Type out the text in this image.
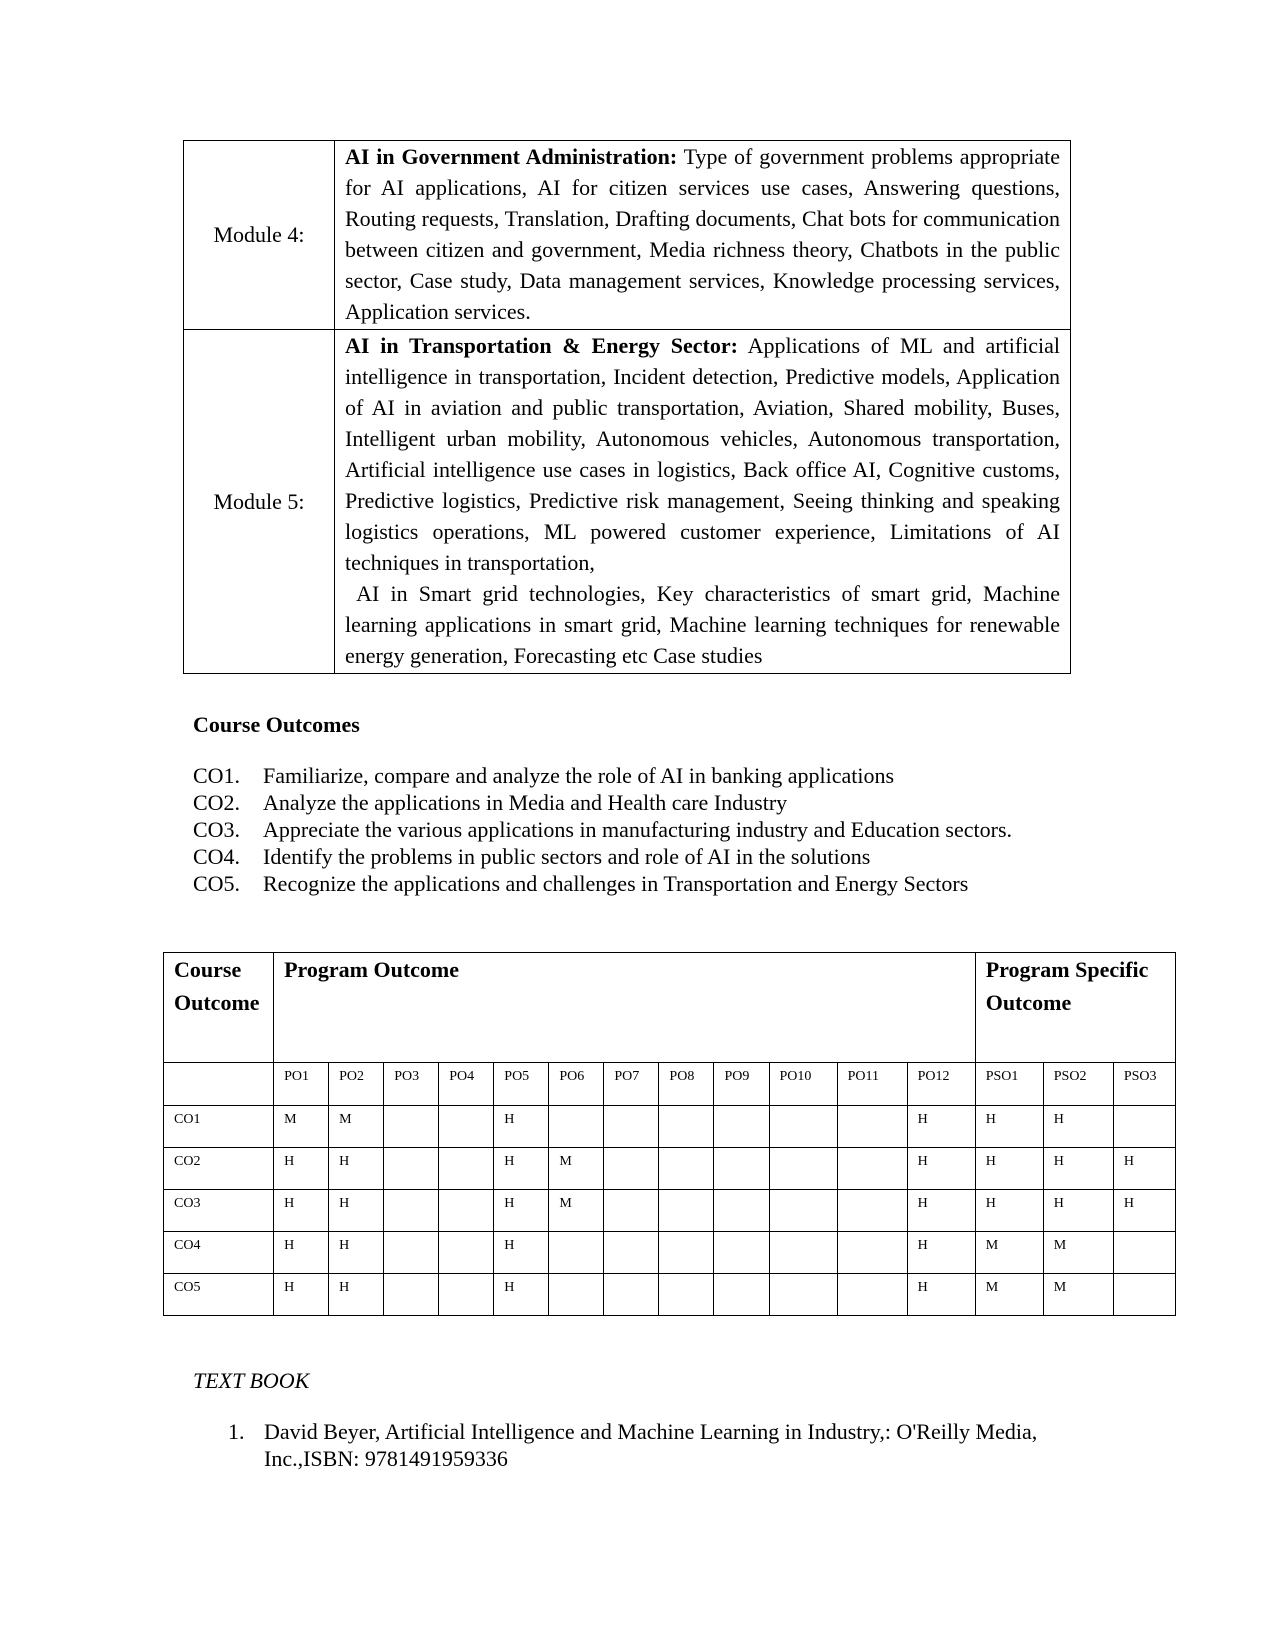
Module 4:	AI in Government Administration: Type of government problems appropriate for AI applications, AI for citizen services use cases, Answering questions, Routing requests, Translation, Drafting documents, Chat bots for communication between citizen and government, Media richness theory, Chatbots in the public sector, Case study, Data management services, Knowledge processing services, Application services.

Module 5:	AI in Transportation & Energy Sector: Applications of ML and artificial intelligence in transportation, Incident detection, Predictive models, Application of AI in aviation and public transportation, Aviation, Shared mobility, Buses, Intelligent urban mobility, Autonomous vehicles, Autonomous transportation, Artificial intelligence use cases in logistics, Back office AI, Cognitive customs, Predictive logistics, Predictive risk management, Seeing thinking and speaking logistics operations, ML powered customer experience, Limitations of AI techniques in transportation,
AI in Smart grid technologies, Key characteristics of smart grid, Machine learning applications in smart grid, Machine learning techniques for renewable energy generation, Forecasting etc Case studies
Course Outcomes
CO1.	Familiarize, compare and analyze the role of AI in banking applications
CO2.	Analyze the applications in Media and Health care Industry
CO3.	Appreciate the various applications in manufacturing industry and Education sectors.
CO4.	Identify the problems in public sectors and role of AI in the solutions
CO5.	Recognize the applications and challenges in Transportation and Energy Sectors
Course Outcome	Program Outcome												Program Specific Outcome		
	PO1	PO2	PO3	PO4	PO5	PO6	PO7	PO8	PO9	PO10	PO11	PO12	PSO1	PSO2	PSO3
CO1	M	M			H							H	H	H	
CO2	H	H			H	M						H	H	H	H
CO3	H	H			H	M						H	H	H	H
CO4	H	H			H							H	M	M	
CO5	H	H			H							H	M	M	
TEXT BOOK
1. David Beyer, Artificial Intelligence and Machine Learning in Industry,: O'Reilly Media, Inc.,ISBN: 9781491959336
